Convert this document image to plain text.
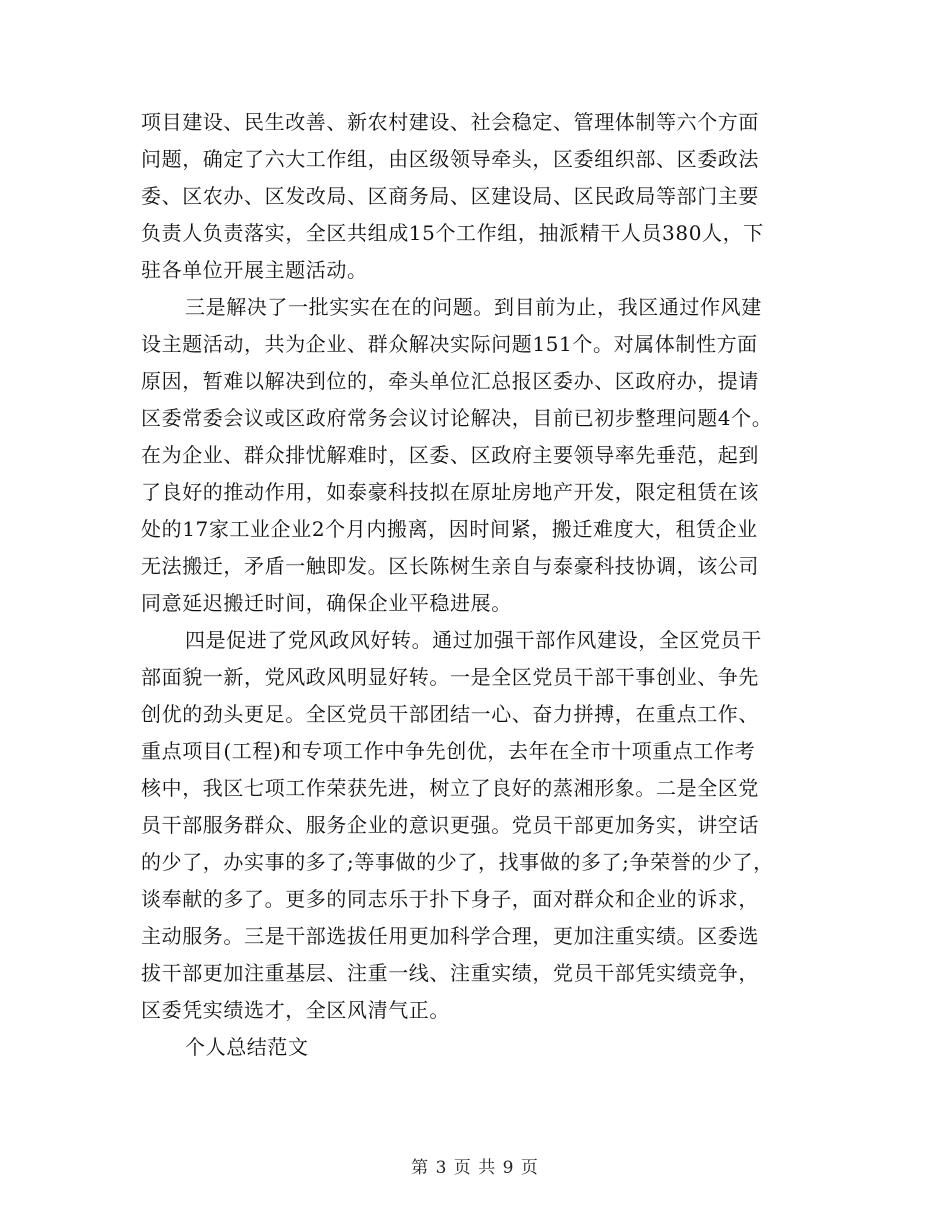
项目建设、民生改善、新农村建设、社会稳定、管理体制等六个方面
问题，确定了六大工作组，由区级领导牵头，区委组织部、区委政法
委、区农办、区发改局、区商务局、区建设局、区民政局等部门主要
负责人负责落实，全区共组成15个工作组，抽派精干人员380人，下
驻各单位开展主题活动。
三是解决了一批实实在在的问题。到目前为止，我区通过作风建
设主题活动，共为企业、群众解决实际问题151个。对属体制性方面
原因，暂难以解决到位的，牵头单位汇总报区委办、区政府办，提请
区委常委会议或区政府常务会议讨论解决，目前已初步整理问题4个。
在为企业、群众排忧解难时，区委、区政府主要领导率先垂范，起到
了良好的推动作用，如泰豪科技拟在原址房地产开发，限定租赁在该
处的17家工业企业2个月内搬离，因时间紧，搬迁难度大，租赁企业
无法搬迁，矛盾一触即发。区长陈树生亲自与泰豪科技协调，该公司
同意延迟搬迁时间，确保企业平稳进展。
四是促进了党风政风好转。通过加强干部作风建设，全区党员干
部面貌一新，党风政风明显好转。一是全区党员干部干事创业、争先
创优的劲头更足。全区党员干部团结一心、奋力拼搏，在重点工作、
重点项目(工程)和专项工作中争先创优，去年在全市十项重点工作考
核中，我区七项工作荣获先进，树立了良好的蒸湘形象。二是全区党
员干部服务群众、服务企业的意识更强。党员干部更加务实，讲空话
的少了，办实事的多了;等事做的少了，找事做的多了;争荣誉的少了，
谈奉献的多了。更多的同志乐于扑下身子，面对群众和企业的诉求，
主动服务。三是干部选拔任用更加科学合理，更加注重实绩。区委选
拔干部更加注重基层、注重一线、注重实绩，党员干部凭实绩竞争，
区委凭实绩选才，全区风清气正。
个人总结范文
第 3 页 共 9 页
